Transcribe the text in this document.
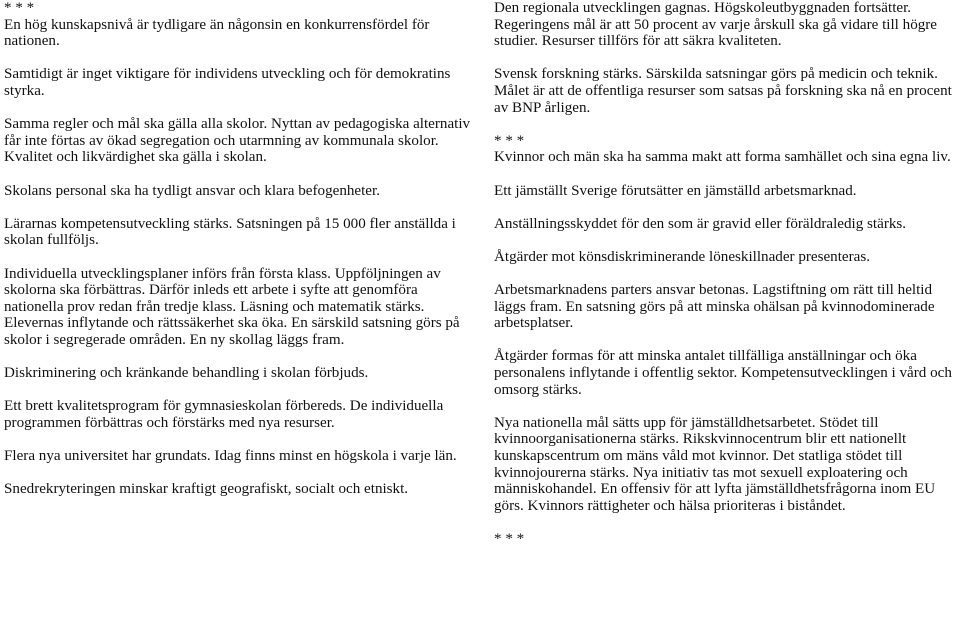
* * *
En hög kunskapsnivå är tydligare än någonsin en konkurrensfördel för nationen.

Samtidigt är inget viktigare för individens utveckling och för demokratins styrka.

Samma regler och mål ska gälla alla skolor. Nyttan av pedagogiska alternativ får inte förtas av ökad segregation och utarmning av kommunala skolor. Kvalitet och likvärdighet ska gälla i skolan.

Skolans personal ska ha tydligt ansvar och klara befogenheter.

Lärarnas kompetensutveckling stärks. Satsningen på 15 000 fler anställda i skolan fullföljs.

Individuella utvecklingsplaner införs från första klass. Uppföljningen av skolorna ska förbättras. Därför inleds ett arbete i syfte att genomföra nationella prov redan från tredje klass. Läsning och matematik stärks. Elevernas inflytande och rättssäkerhet ska öka. En särskild satsning görs på skolor i segregerade områden. En ny skollag läggs fram.

Diskriminering och kränkande behandling i skolan förbjuds.

Ett brett kvalitetsprogram för gymnasieskolan förbereds. De individuella programmen förbättras och förstärks med nya resurser.

Flera nya universitet har grundats. Idag finns minst en högskola i varje län.

Snedrekryteringen minskar kraftigt geografiskt, socialt och etniskt.

Den regionala utvecklingen gagnas. Högskoleutbyggnaden fortsätter. Regeringens mål är att 50 procent av varje årskull ska gå vidare till högre studier. Resurser tillförs för att säkra kvaliteten.

Svensk forskning stärks. Särskilda satsningar görs på medicin och teknik. Målet är att de offentliga resurser som satsas på forskning ska nå en procent av BNP årligen.

* * *
Kvinnor och män ska ha samma makt att forma samhället och sina egna liv.

Ett jämställt Sverige förutsätter en jämställd arbetsmarknad.

Anställningsskyddet för den som är gravid eller föräldraledig stärks.

Åtgärder mot könsdiskriminerande löneskillnader presenteras.

Arbetsmarknadens parters ansvar betonas. Lagstiftning om rätt till heltid läggs fram. En satsning görs på att minska ohälsan på kvinnodominerade arbetsplatser.

Åtgärder formas för att minska antalet tillfälliga anställningar och öka personalens inflytande i offentlig sektor. Kompetensutvecklingen i vård och omsorg stärks.

Nya nationella mål sätts upp för jämställdhetsarbetet. Stödet till kvinnoorganisationerna stärks. Rikskvinnocentrum blir ett nationellt kunskapscentrum om mäns våld mot kvinnor. Det statliga stödet till kvinnojourerna stärks. Nya initiativ tas mot sexuell exploatering och människohandel. En offensiv för att lyfta jämställdhetsfrågorna inom EU görs. Kvinnors rättigheter och hälsa prioriteras i biståndet.

* * *
